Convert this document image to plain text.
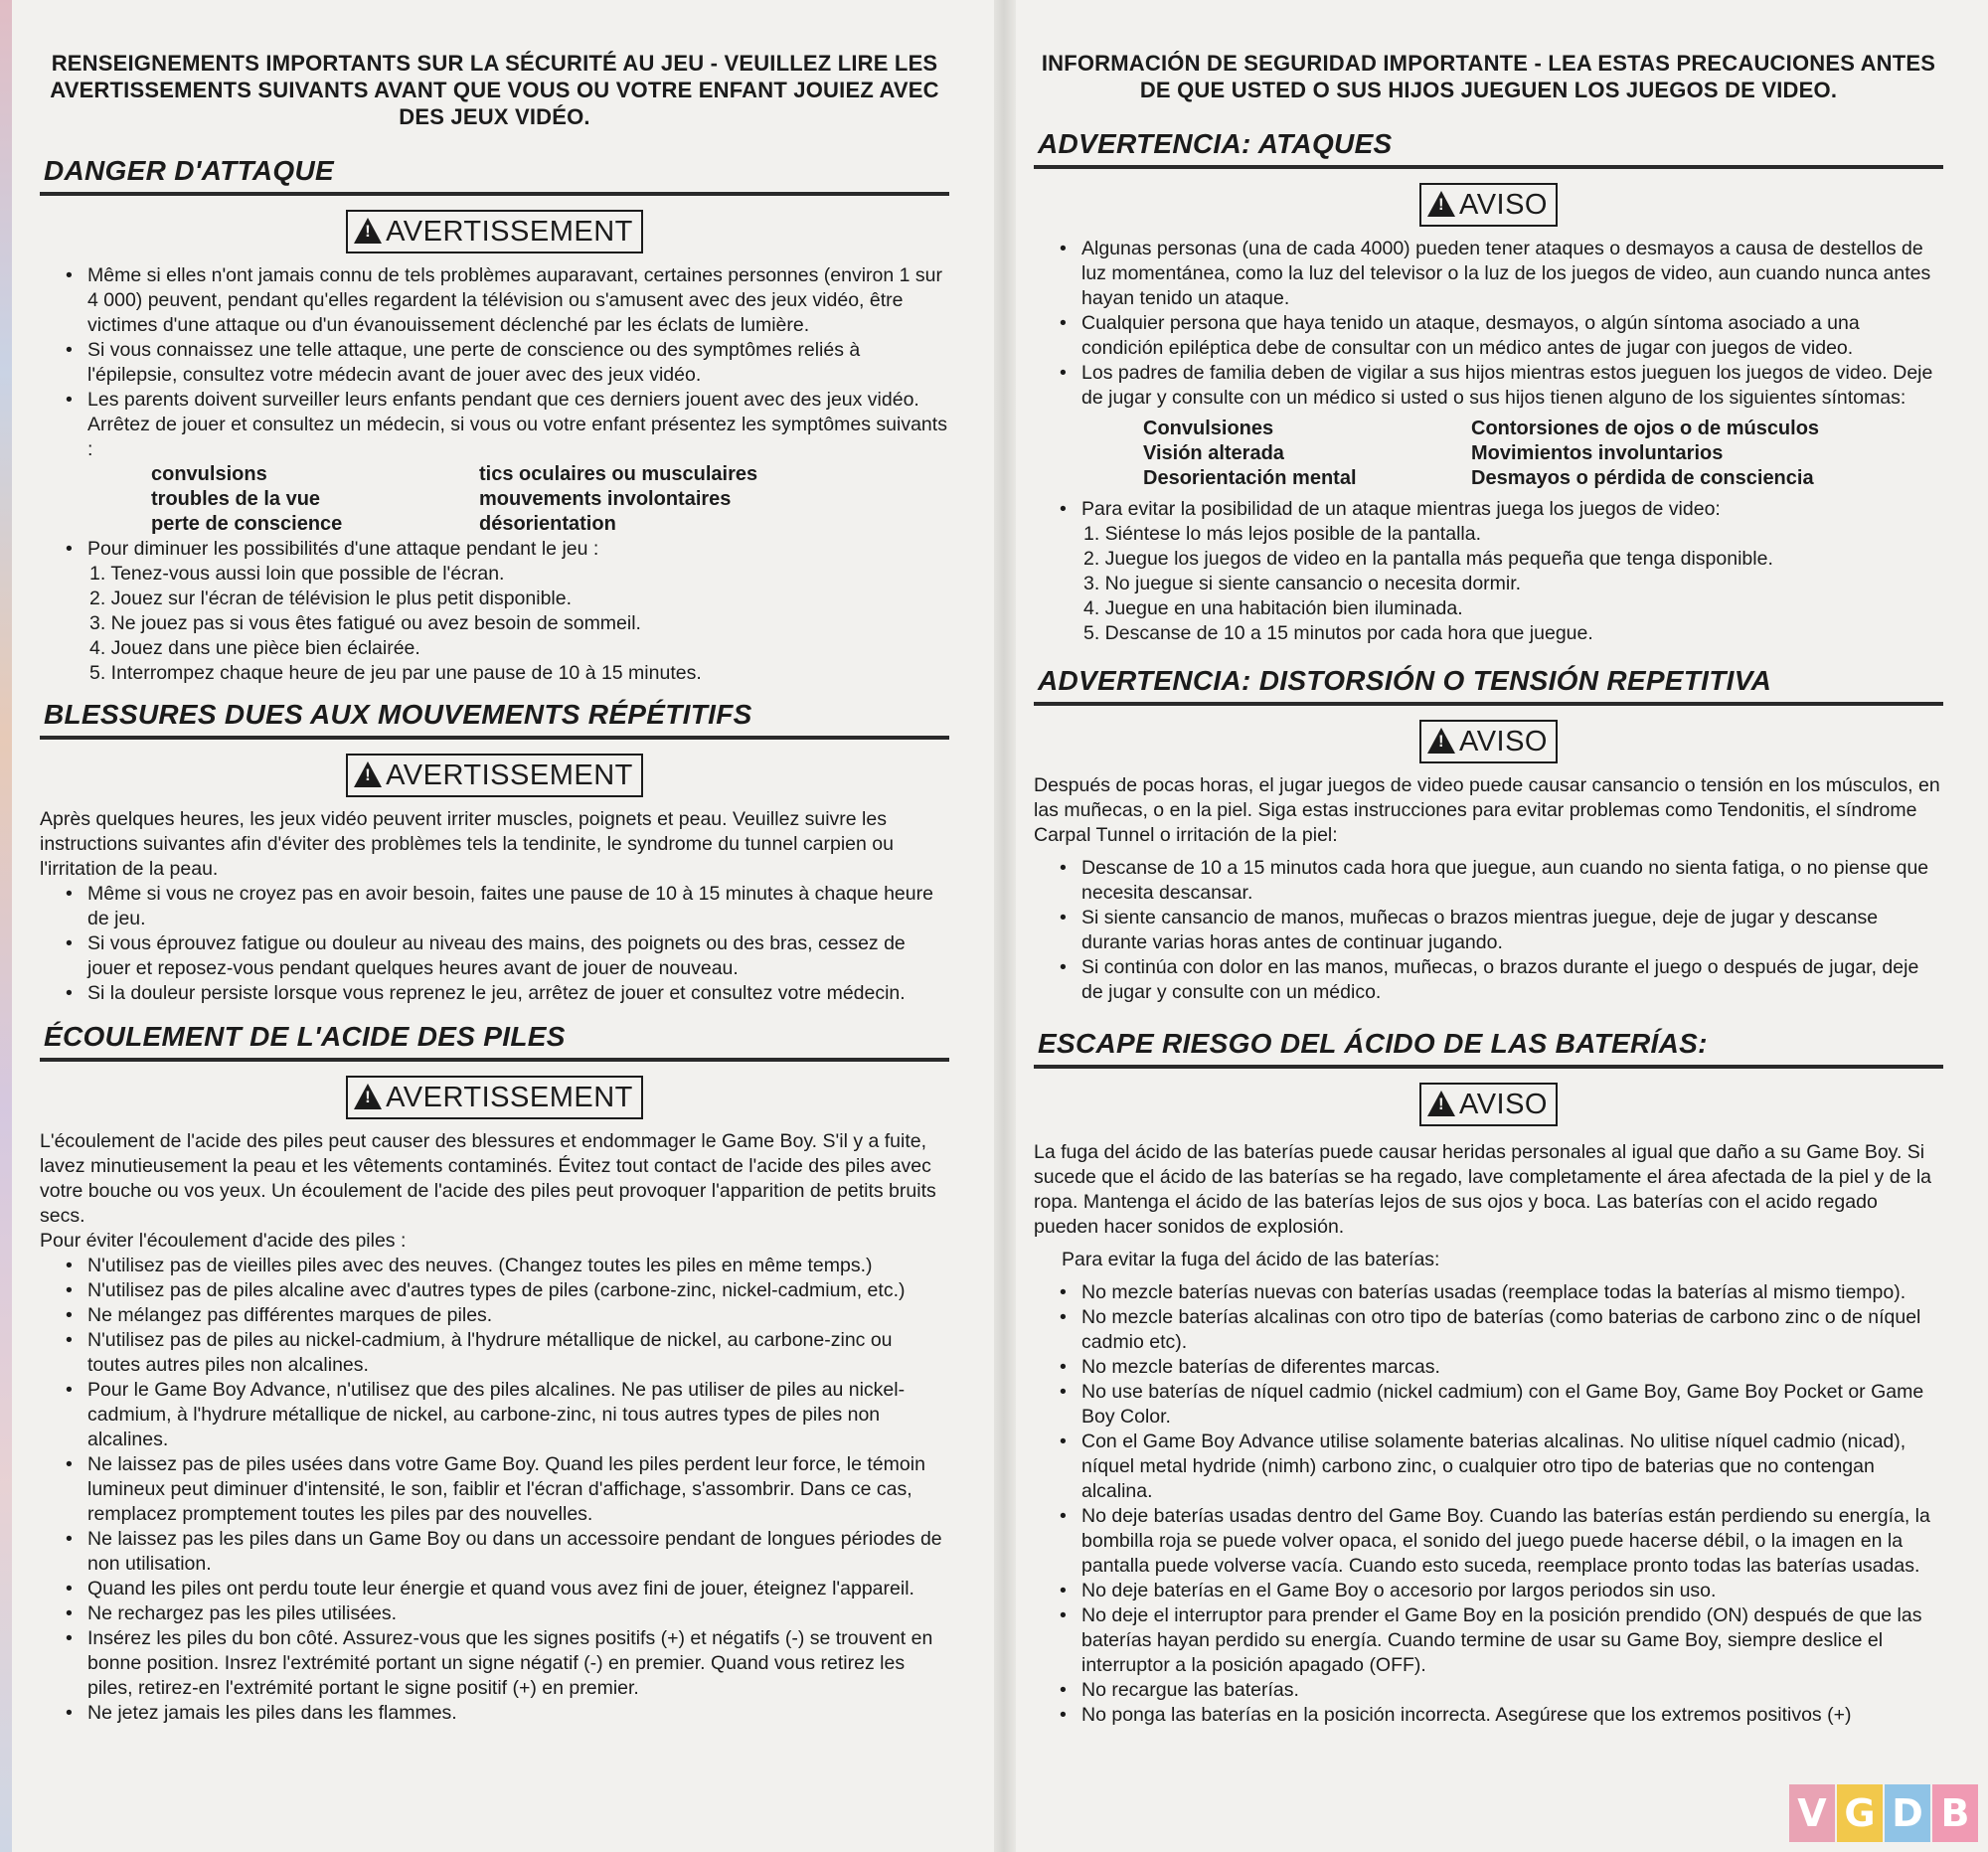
RENSEIGNEMENTS IMPORTANTS SUR LA SÉCURITÉ AU JEU - VEUILLEZ LIRE LES AVERTISSEMENTS SUIVANTS AVANT QUE VOUS OU VOTRE ENFANT JOUIEZ AVEC DES JEUX VIDÉO.

DANGER D'ATTAQUE
!AVERTISSEMENT
• Même si elles n'ont jamais connu de tels problèmes auparavant, certaines personnes (environ 1 sur 4 000) peuvent, pendant qu'elles regardent la télévision ou s'amusent avec des jeux vidéo, être victimes d'une attaque ou d'un évanouissement déclenché par les éclats de lumière.
• Si vous connaissez une telle attaque, une perte de conscience ou des symptômes reliés à l'épilepsie, consultez votre médecin avant de jouer avec des jeux vidéo.
• Les parents doivent surveiller leurs enfants pendant que ces derniers jouent avec des jeux vidéo. Arrêtez de jouer et consultez un médecin, si vous ou votre enfant présentez les symptômes suivants :
convulsions	tics oculaires ou musculaires
troubles de la vue	mouvements involontaires
perte de conscience	désorientation
• Pour diminuer les possibilités d'une attaque pendant le jeu :
1. Tenez-vous aussi loin que possible de l'écran.
2. Jouez sur l'écran de télévision le plus petit disponible.
3. Ne jouez pas si vous êtes fatigué ou avez besoin de sommeil.
4. Jouez dans une pièce bien éclairée.
5. Interrompez chaque heure de jeu par une pause de 10 à 15 minutes.
BLESSURES DUES AUX MOUVEMENTS RÉPÉTITIFS
!AVERTISSEMENT

Après quelques heures, les jeux vidéo peuvent irriter muscles, poignets et peau. Veuillez suivre les instructions suivantes afin d'éviter des problèmes tels la tendinite, le syndrome du tunnel carpien ou l'irritation de la peau.

• Même si vous ne croyez pas en avoir besoin, faites une pause de 10 à 15 minutes à chaque heure de jeu.
• Si vous éprouvez fatigue ou douleur au niveau des mains, des poignets ou des bras, cessez de jouer et reposez-vous pendant quelques heures avant de jouer de nouveau.
• Si la douleur persiste lorsque vous reprenez le jeu, arrêtez de jouer et consultez votre médecin.
ÉCOULEMENT DE L'ACIDE DES PILES
!AVERTISSEMENT

L'écoulement de l'acide des piles peut causer des blessures et endommager le Game Boy. S'il y a fuite, lavez minutieusement la peau et les vêtements contaminés. Évitez tout contact de l'acide des piles avec votre bouche ou vos yeux. Un écoulement de l'acide des piles peut provoquer l'apparition de petits bruits secs.

Pour éviter l'écoulement d'acide des piles :

• N'utilisez pas de vieilles piles avec des neuves. (Changez toutes les piles en même temps.)
• N'utilisez pas de piles alcaline avec d'autres types de piles (carbone-zinc, nickel-cadmium, etc.)
• Ne mélangez pas différentes marques de piles.
• N'utilisez pas de piles au nickel-cadmium, à l'hydrure métallique de nickel, au carbone-zinc ou toutes autres piles non alcalines.
• Pour le Game Boy Advance, n'utilisez que des piles alcalines. Ne pas utiliser de piles au nickel-cadmium, à l'hydrure métallique de nickel, au carbone-zinc, ni tous autres types de piles non alcalines.
• Ne laissez pas de piles usées dans votre Game Boy. Quand les piles perdent leur force, le témoin lumineux peut diminuer d'intensité, le son, faiblir et l'écran d'affichage, s'assombrir. Dans ce cas, remplacez promptement toutes les piles par des nouvelles.
• Ne laissez pas les piles dans un Game Boy ou dans un accessoire pendant de longues périodes de non utilisation.
• Quand les piles ont perdu toute leur énergie et quand vous avez fini de jouer, éteignez l'appareil.
• Ne rechargez pas les piles utilisées.
• Insérez les piles du bon côté. Assurez-vous que les signes positifs (+) et négatifs (-) se trouvent en bonne position. Insrez l'extrémité portant un signe négatif (-) en premier. Quand vous retirez les piles, retirez-en l'extrémité portant le signe positif (+) en premier.
• Ne jetez jamais les piles dans les flammes.

INFORMACIÓN DE SEGURIDAD IMPORTANTE - LEA ESTAS PRECAUCIONES ANTES DE QUE USTED O SUS HIJOS JUEGUEN LOS JUEGOS DE VIDEO.

ADVERTENCIA: ATAQUES
!AVISO
• Algunas personas (una de cada 4000) pueden tener ataques o desmayos a causa de destellos de luz momentánea, como la luz del televisor o la luz de los juegos de video, aun cuando nunca antes hayan tenido un ataque.
• Cualquier persona que haya tenido un ataque, desmayos, o algún síntoma asociado a una condición epiléptica debe de consultar con un médico antes de jugar con juegos de video.
• Los padres de familia deben de vigilar a sus hijos mientras estos jueguen los juegos de video. Deje de jugar y consulte con un médico si usted o sus hijos tienen alguno de los siguientes síntomas:
Convulsiones	Contorsiones de ojos o de músculos
Visión alterada	Movimientos involuntarios
Desorientación mental	Desmayos o pérdida de consciencia
• Para evitar la posibilidad de un ataque mientras juega los juegos de video:
1. Siéntese lo más lejos posible de la pantalla.
2. Juegue los juegos de video en la pantalla más pequeña que tenga disponible.
3. No juegue si siente cansancio o necesita dormir.
4. Juegue en una habitación bien iluminada.
5. Descanse de 10 a 15 minutos por cada hora que juegue.
ADVERTENCIA: DISTORSIÓN O TENSIÓN REPETITIVA
!AVISO

Después de pocas horas, el jugar juegos de video puede causar cansancio o tensión en los músculos, en las muñecas, o en la piel. Siga estas instrucciones para evitar problemas como Tendonitis, el síndrome Carpal Tunnel o irritación de la piel:

• Descanse de 10 a 15 minutos cada hora que juegue, aun cuando no sienta fatiga, o no piense que necesita descansar.
• Si siente cansancio de manos, muñecas o brazos mientras juegue, deje de jugar y descanse durante varias horas antes de continuar jugando.
• Si continúa con dolor en las manos, muñecas, o brazos durante el juego o después de jugar, deje de jugar y consulte con un médico.
ESCAPE RIESGO DEL ÁCIDO DE LAS BATERÍAS:
!AVISO

La fuga del ácido de las baterías puede causar heridas personales al igual que daño a su Game Boy. Si sucede que el ácido de las baterías se ha regado, lave completamente el área afectada de la piel y de la ropa. Mantenga el ácido de las baterías lejos de sus ojos y boca. Las baterías con el acido regado pueden hacer sonidos de explosión.

Para evitar la fuga del ácido de las baterías:

• No mezcle baterías nuevas con baterías usadas (reemplace todas la baterías al mismo tiempo).
• No mezcle baterías alcalinas con otro tipo de baterías (como baterias de carbono zinc o de níquel cadmio etc).
• No mezcle baterías de diferentes marcas.
• No use baterías de níquel cadmio (nickel cadmium) con el Game Boy, Game Boy Pocket or Game Boy Color.
• Con el Game Boy Advance utilise solamente baterias alcalinas. No ulitise níquel cadmio (nicad), níquel metal hydride (nimh) carbono zinc, o cualquier otro tipo de baterias que no contengan alcalina.
• No deje baterías usadas dentro del Game Boy. Cuando las baterías están perdiendo su energía, la bombilla roja se puede volver opaca, el sonido del juego puede hacerse débil, o la imagen en la pantalla puede volverse vacía. Cuando esto suceda, reemplace pronto todas las baterías usadas.
• No deje baterías en el Game Boy o accesorio por largos periodos sin uso.
• No deje el interruptor para prender el Game Boy en la posición prendido (ON) después de que las baterías hayan perdido su energía. Cuando termine de usar su Game Boy, siempre deslice el interruptor a la posición apagado (OFF).
• No recargue las baterías.
• No ponga las baterías en la posición incorrecta. Asegúrese que los extremos positivos (+)
V G D B
